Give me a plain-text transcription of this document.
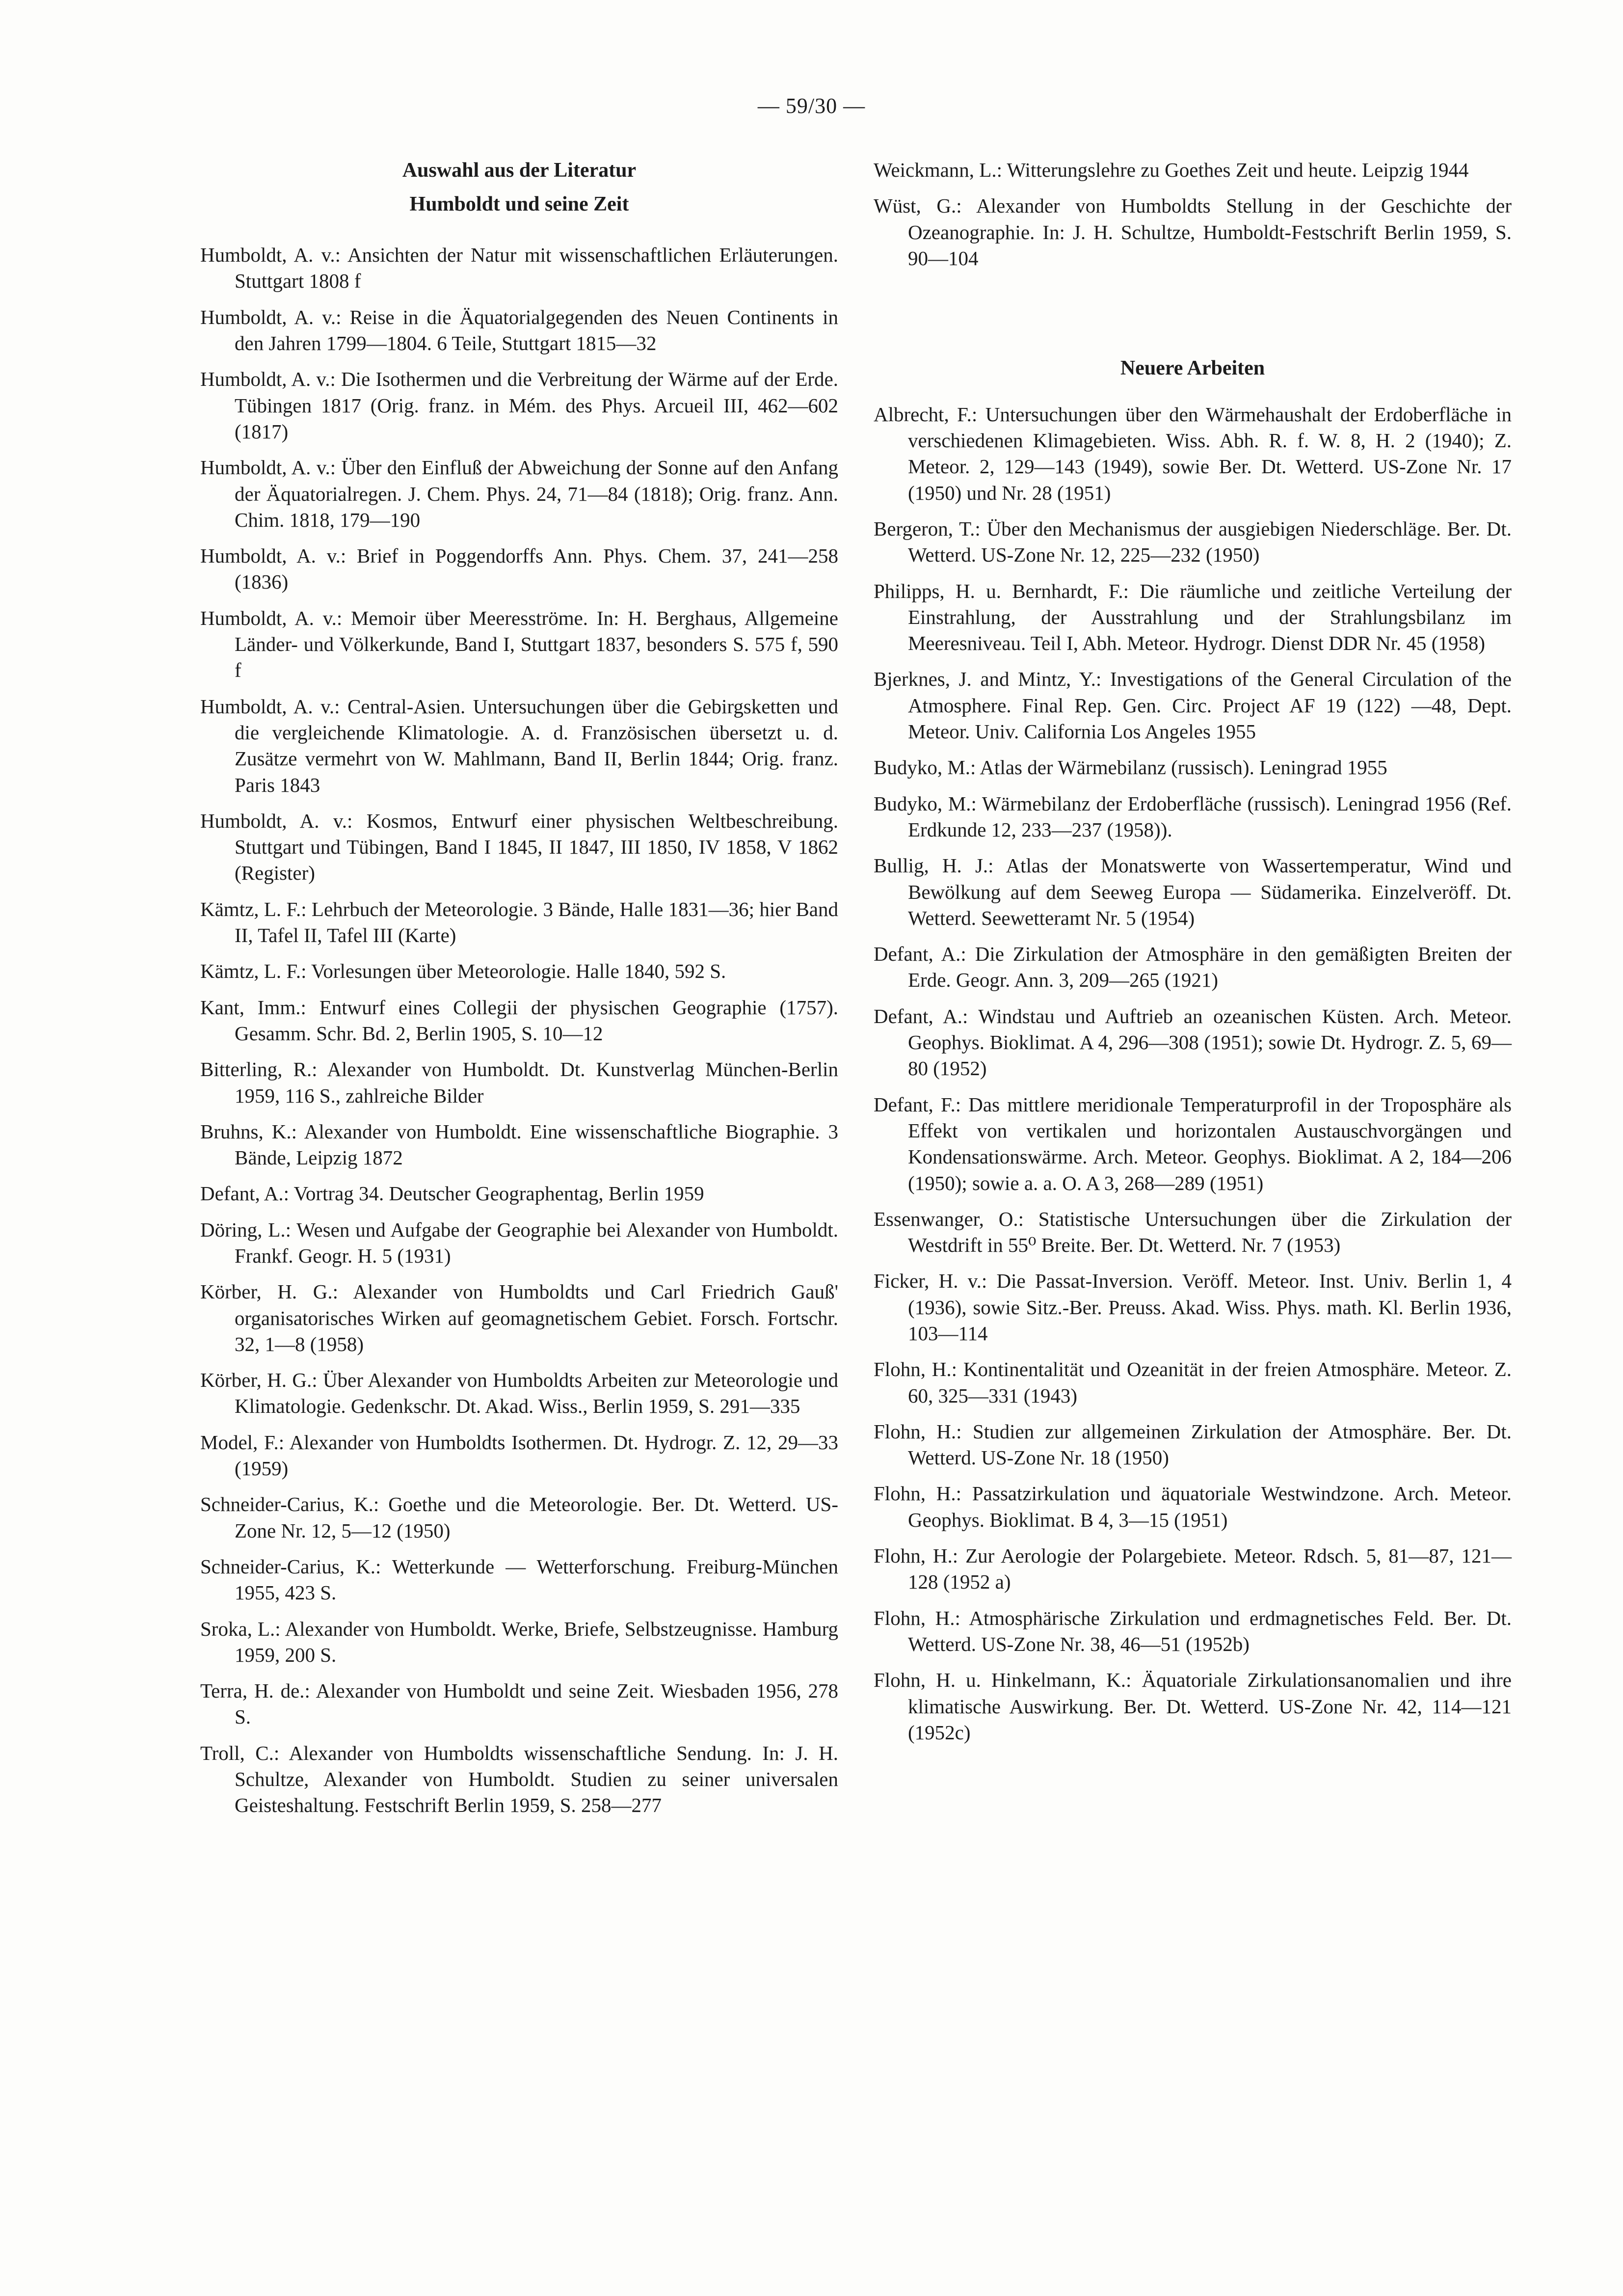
— 59/30 —
Auswahl aus der Literatur
Humboldt und seine Zeit
Humboldt, A. v.: Ansichten der Natur mit wissenschaftlichen Erläuterungen. Stuttgart 1808 f
Humboldt, A. v.: Reise in die Äquatorialgegenden des Neuen Continents in den Jahren 1799—1804. 6 Teile, Stuttgart 1815—32
Humboldt, A. v.: Die Isothermen und die Verbreitung der Wärme auf der Erde. Tübingen 1817 (Orig. franz. in Mém. des Phys. Arcueil III, 462—602 (1817)
Humboldt, A. v.: Über den Einfluß der Abweichung der Sonne auf den Anfang der Äquatorialregen. J. Chem. Phys. 24, 71—84 (1818); Orig. franz. Ann. Chim. 1818, 179—190
Humboldt, A. v.: Brief in Poggendorffs Ann. Phys. Chem. 37, 241—258 (1836)
Humboldt, A. v.: Memoir über Meeresströme. In: H. Berghaus, Allgemeine Länder- und Völkerkunde, Band I, Stuttgart 1837, besonders S. 575 f, 590 f
Humboldt, A. v.: Central-Asien. Untersuchungen über die Gebirgsketten und die vergleichende Klimatologie. A. d. Französischen übersetzt u. d. Zusätze vermehrt von W. Mahlmann, Band II, Berlin 1844; Orig. franz. Paris 1843
Humboldt, A. v.: Kosmos, Entwurf einer physischen Weltbeschreibung. Stuttgart und Tübingen, Band I 1845, II 1847, III 1850, IV 1858, V 1862 (Register)
Kämtz, L. F.: Lehrbuch der Meteorologie. 3 Bände, Halle 1831—36; hier Band II, Tafel II, Tafel III (Karte)
Kämtz, L. F.: Vorlesungen über Meteorologie. Halle 1840, 592 S.
Kant, Imm.: Entwurf eines Collegii der physischen Geographie (1757). Gesamm. Schr. Bd. 2, Berlin 1905, S. 10—12
Bitterling, R.: Alexander von Humboldt. Dt. Kunstverlag München-Berlin 1959, 116 S., zahlreiche Bilder
Bruhns, K.: Alexander von Humboldt. Eine wissenschaftliche Biographie. 3 Bände, Leipzig 1872
Defant, A.: Vortrag 34. Deutscher Geographentag, Berlin 1959
Döring, L.: Wesen und Aufgabe der Geographie bei Alexander von Humboldt. Frankf. Geogr. H. 5 (1931)
Körber, H. G.: Alexander von Humboldts und Carl Friedrich Gauß' organisatorisches Wirken auf geomagnetischem Gebiet. Forsch. Fortschr. 32, 1—8 (1958)
Körber, H. G.: Über Alexander von Humboldts Arbeiten zur Meteorologie und Klimatologie. Gedenkschr. Dt. Akad. Wiss., Berlin 1959, S. 291—335
Model, F.: Alexander von Humboldts Isothermen. Dt. Hydrogr. Z. 12, 29—33 (1959)
Schneider-Carius, K.: Goethe und die Meteorologie. Ber. Dt. Wetterd. US-Zone Nr. 12, 5—12 (1950)
Schneider-Carius, K.: Wetterkunde — Wetterforschung. Freiburg-München 1955, 423 S.
Sroka, L.: Alexander von Humboldt. Werke, Briefe, Selbstzeugnisse. Hamburg 1959, 200 S.
Terra, H. de.: Alexander von Humboldt und seine Zeit. Wiesbaden 1956, 278 S.
Troll, C.: Alexander von Humboldts wissenschaftliche Sendung. In: J. H. Schultze, Alexander von Humboldt. Studien zu seiner universalen Geisteshaltung. Festschrift Berlin 1959, S. 258—277
Weickmann, L.: Witterungslehre zu Goethes Zeit und heute. Leipzig 1944
Wüst, G.: Alexander von Humboldts Stellung in der Geschichte der Ozeanographie. In: J. H. Schultze, Humboldt-Festschrift Berlin 1959, S. 90—104
Neuere Arbeiten
Albrecht, F.: Untersuchungen über den Wärmehaushalt der Erdoberfläche in verschiedenen Klimagebieten. Wiss. Abh. R. f. W. 8, H. 2 (1940); Z. Meteor. 2, 129—143 (1949), sowie Ber. Dt. Wetterd. US-Zone Nr. 17 (1950) und Nr. 28 (1951)
Bergeron, T.: Über den Mechanismus der ausgiebigen Niederschläge. Ber. Dt. Wetterd. US-Zone Nr. 12, 225—232 (1950)
Philipps, H. u. Bernhardt, F.: Die räumliche und zeitliche Verteilung der Einstrahlung, der Ausstrahlung und der Strahlungsbilanz im Meeresniveau. Teil I, Abh. Meteor. Hydrogr. Dienst DDR Nr. 45 (1958)
Bjerknes, J. and Mintz, Y.: Investigations of the General Circulation of the Atmosphere. Final Rep. Gen. Circ. Project AF 19 (122) —48, Dept. Meteor. Univ. California Los Angeles 1955
Budyko, M.: Atlas der Wärmebilanz (russisch). Leningrad 1955
Budyko, M.: Wärmebilanz der Erdoberfläche (russisch). Leningrad 1956 (Ref. Erdkunde 12, 233—237 (1958)).
Bullig, H. J.: Atlas der Monatswerte von Wassertemperatur, Wind und Bewölkung auf dem Seeweg Europa — Südamerika. Einzelveröff. Dt. Wetterd. Seewetteramt Nr. 5 (1954)
Defant, A.: Die Zirkulation der Atmosphäre in den gemäßigten Breiten der Erde. Geogr. Ann. 3, 209—265 (1921)
Defant, A.: Windstau und Auftrieb an ozeanischen Küsten. Arch. Meteor. Geophys. Bioklimat. A 4, 296—308 (1951); sowie Dt. Hydrogr. Z. 5, 69—80 (1952)
Defant, F.: Das mittlere meridionale Temperaturprofil in der Troposphäre als Effekt von vertikalen und horizontalen Austauschvorgängen und Kondensationswärme. Arch. Meteor. Geophys. Bioklimat. A 2, 184—206 (1950); sowie a. a. O. A 3, 268—289 (1951)
Essenwanger, O.: Statistische Untersuchungen über die Zirkulation der Westdrift in 55⁰ Breite. Ber. Dt. Wetterd. Nr. 7 (1953)
Ficker, H. v.: Die Passat-Inversion. Veröff. Meteor. Inst. Univ. Berlin 1, 4 (1936), sowie Sitz.-Ber. Preuss. Akad. Wiss. Phys. math. Kl. Berlin 1936, 103—114
Flohn, H.: Kontinentalität und Ozeanität in der freien Atmosphäre. Meteor. Z. 60, 325—331 (1943)
Flohn, H.: Studien zur allgemeinen Zirkulation der Atmosphäre. Ber. Dt. Wetterd. US-Zone Nr. 18 (1950)
Flohn, H.: Passatzirkulation und äquatoriale Westwindzone. Arch. Meteor. Geophys. Bioklimat. B 4, 3—15 (1951)
Flohn, H.: Zur Aerologie der Polargebiete. Meteor. Rdsch. 5, 81—87, 121—128 (1952 a)
Flohn, H.: Atmosphärische Zirkulation und erdmagnetisches Feld. Ber. Dt. Wetterd. US-Zone Nr. 38, 46—51 (1952b)
Flohn, H. u. Hinkelmann, K.: Äquatoriale Zirkulationsanomalien und ihre klimatische Auswirkung. Ber. Dt. Wetterd. US-Zone Nr. 42, 114—121 (1952c)
